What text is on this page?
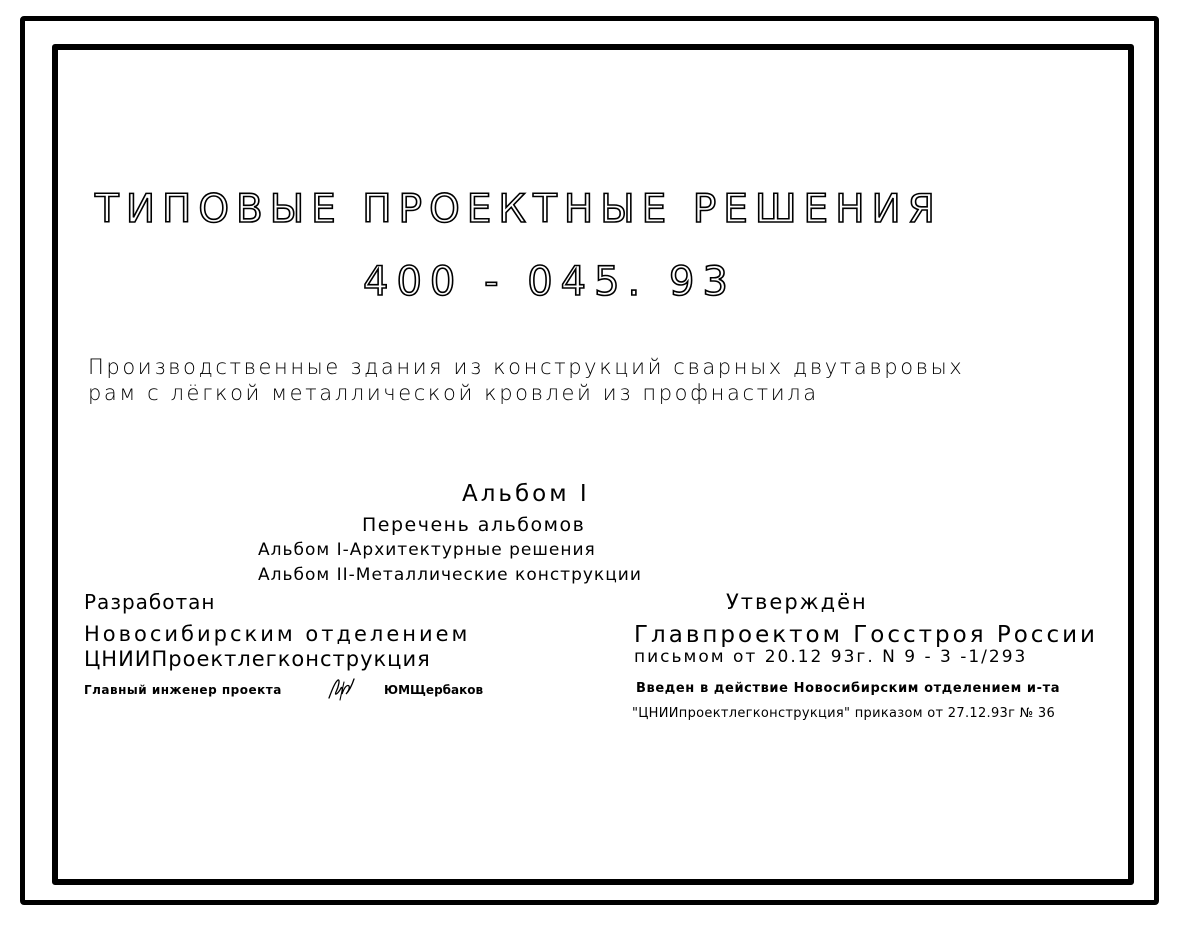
ТИПОВЫЕ ПРОЕКТНЫЕ РЕШЕНИЯ
400 - 045. 93
Производственные здания из конструкций сварных двутавровых
рам с лёгкой металлической кровлей из профнастила
Альбом I
Перечень альбомов
Альбом I-Архитектурные решения
Альбом II-Металлические конструкции
Разработан
Новосибирским отделением
ЦНИИПроектлегконструкция
Главный инженер проекта	ЮМЩербаков
Утверждён
Главпроектом Госстроя России
письмом от 20.12 93г. N 9 - 3 -1/293
Введен в действие Новосибирским отделением и-та
"ЦНИИпроектлегконструкция" приказом от 27.12.93г № 36
